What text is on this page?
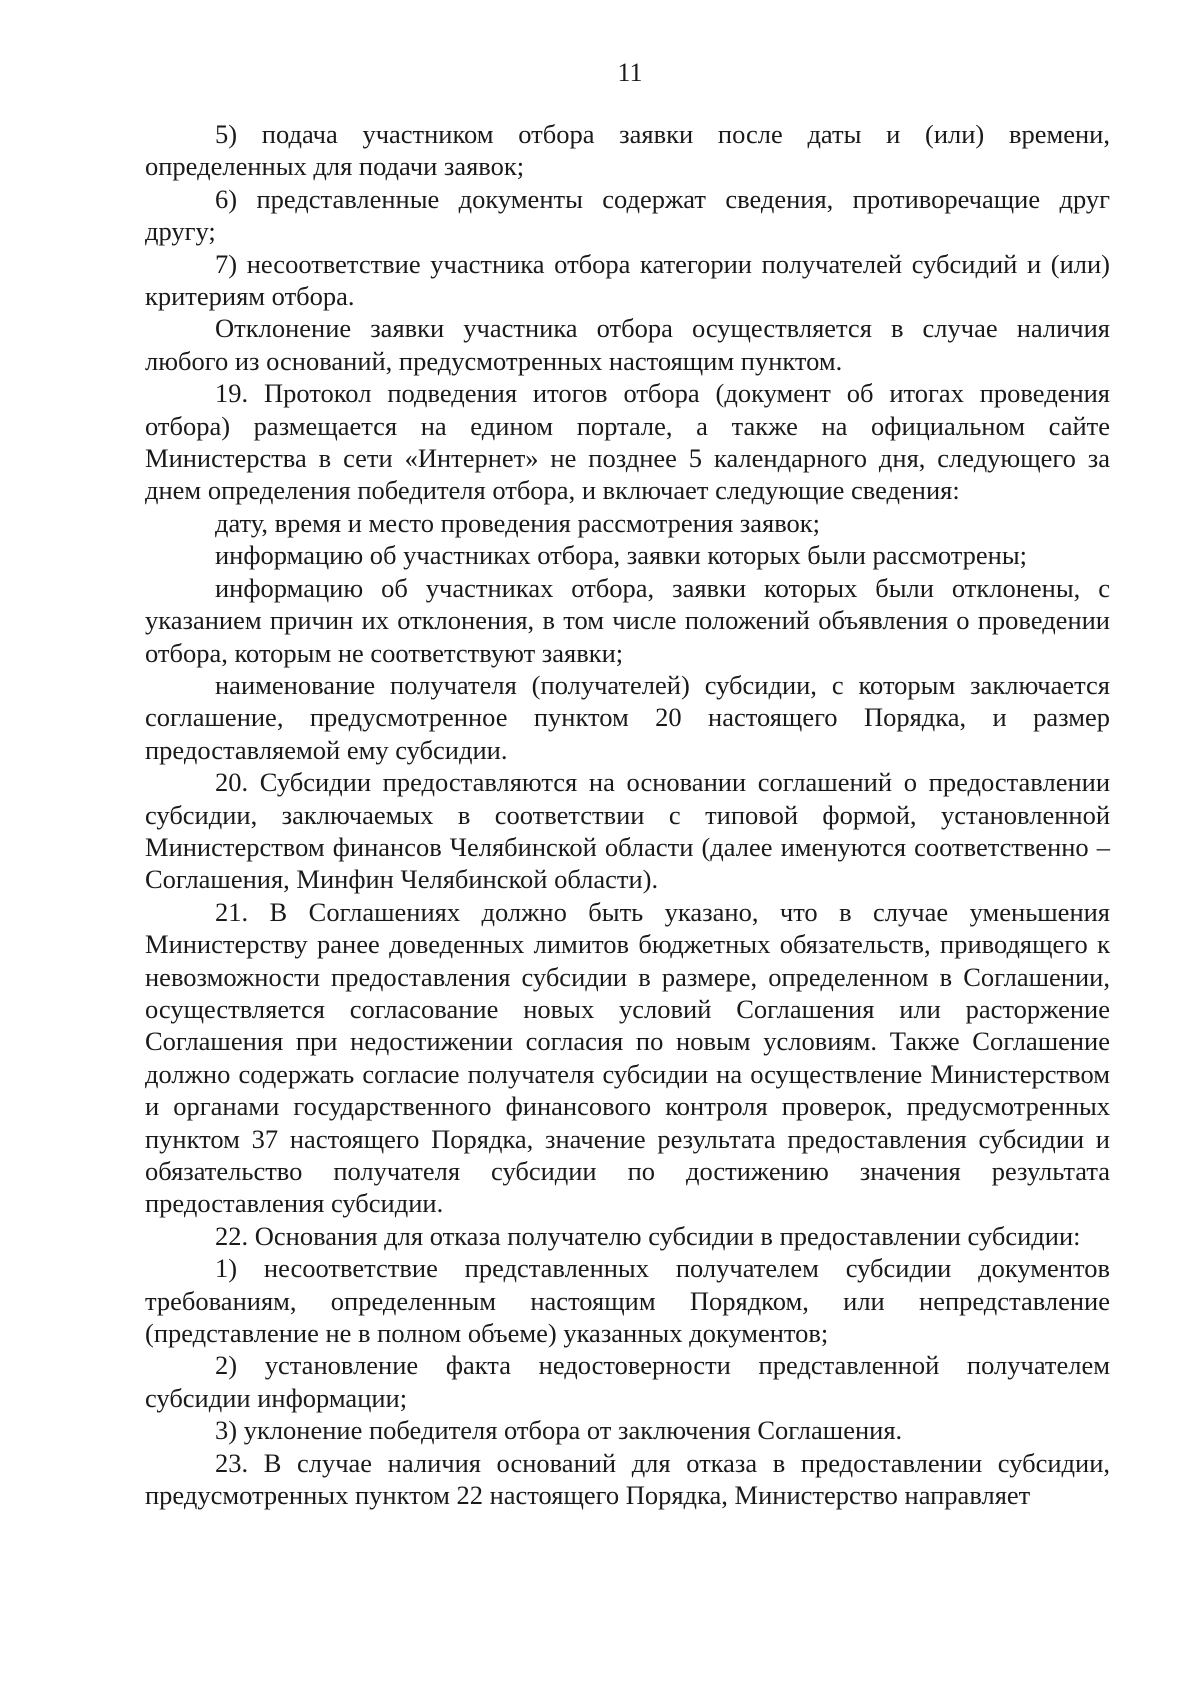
11

5) подача участником отбора заявки после даты и (или) времени, определенных для подачи заявок;

6) представленные документы содержат сведения, противоречащие друг другу;

7) несоответствие участника отбора категории получателей субсидий и (или) критериям отбора.

Отклонение заявки участника отбора осуществляется в случае наличия любого из оснований, предусмотренных настоящим пунктом.

19. Протокол подведения итогов отбора (документ об итогах проведения отбора) размещается на едином портале, а также на официальном сайте Министерства в сети «Интернет» не позднее 5 календарного дня, следующего за днем определения победителя отбора, и включает следующие сведения:

дату, время и место проведения рассмотрения заявок;

информацию об участниках отбора, заявки которых были рассмотрены;

информацию об участниках отбора, заявки которых были отклонены, с указанием причин их отклонения, в том числе положений объявления о проведении отбора, которым не соответствуют заявки;

наименование получателя (получателей) субсидии, с которым заключается соглашение, предусмотренное пунктом 20 настоящего Порядка, и размер предоставляемой ему субсидии.

20. Субсидии предоставляются на основании соглашений о предоставлении субсидии, заключаемых в соответствии с типовой формой, установленной Министерством финансов Челябинской области (далее именуются соответственно – Соглашения, Минфин Челябинской области).

21. В Соглашениях должно быть указано, что в случае уменьшения Министерству ранее доведенных лимитов бюджетных обязательств, приводящего к невозможности предоставления субсидии в размере, определенном в Соглашении, осуществляется согласование новых условий Соглашения или расторжение Соглашения при недостижении согласия по новым условиям. Также Соглашение должно содержать согласие получателя субсидии на осуществление Министерством и органами государственного финансового контроля проверок, предусмотренных пунктом 37 настоящего Порядка, значение результата предоставления субсидии и обязательство получателя субсидии по достижению значения результата предоставления субсидии.

22. Основания для отказа получателю субсидии в предоставлении субсидии:

1) несоответствие представленных получателем субсидии документов требованиям, определенным настоящим Порядком, или непредставление (представление не в полном объеме) указанных документов;

2) установление факта недостоверности представленной получателем субсидии информации;

3) уклонение победителя отбора от заключения Соглашения.

23. В случае наличия оснований для отказа в предоставлении субсидии, предусмотренных пунктом 22 настоящего Порядка, Министерство направляет
